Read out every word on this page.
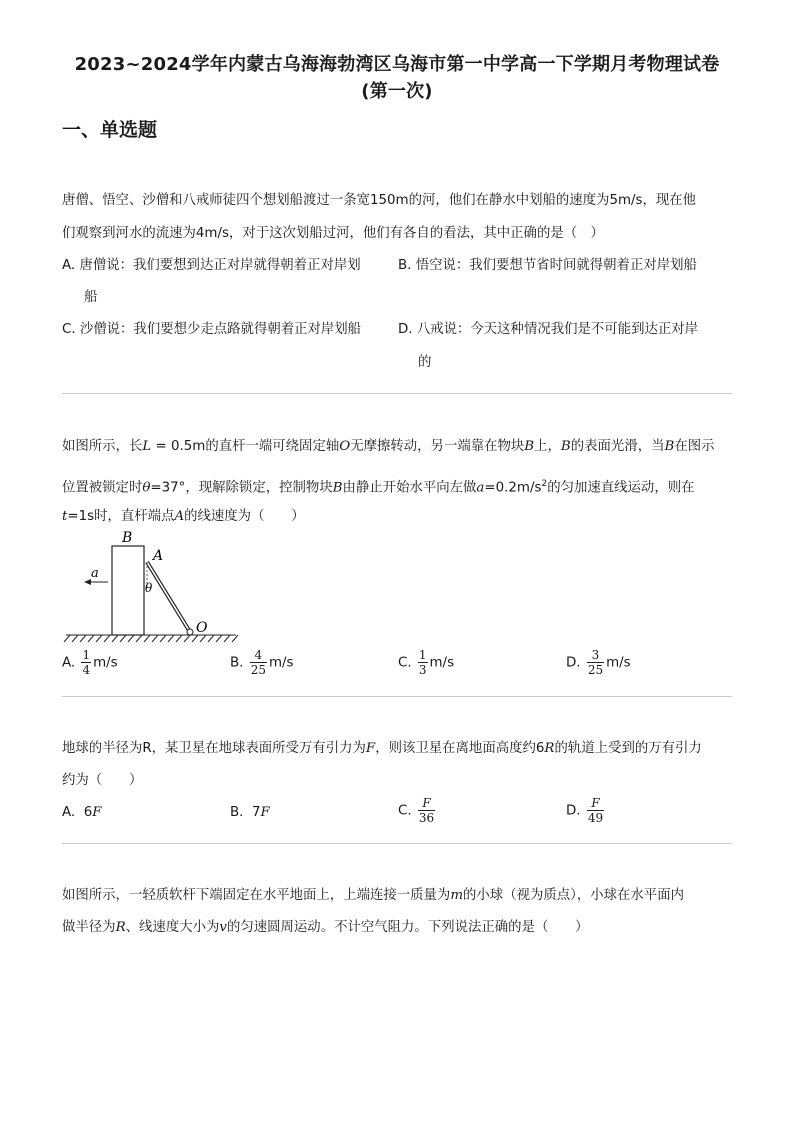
2023~2024学年内蒙古乌海海勃湾区乌海市第一中学高一下学期月考物理试卷
(第一次)
一、单选题
唐僧、悟空、沙僧和八戒师徒四个想划船渡过一条宽150m的河，他们在静水中划船的速度为5m/s，现在他
们观察到河水的流速为4m/s，对于这次划船过河，他们有各自的看法，其中正确的是（　）
A. 唐僧说：我们要想到达正对岸就得朝着正对岸划
船
B. 悟空说：我们要想节省时间就得朝着正对岸划船
C. 沙僧说：我们要想少走点路就得朝着正对岸划船	D. 八戒说：今天这种情况我们是不可能到达正对岸
的
如图所示，长L = 0.5m的直杆一端可绕固定轴O无摩擦转动，另一端靠在物块B上，B的表面光滑，当B在图示
位置被锁定时θ=37°，现解除锁定，控制物块B由静止开始水平向左做$a=0.2m/s^2$的匀加速直线运动，则在
t=1s时，直杆端点A的线速度为（　　）
B
A
θ
a
O
A. $\frac{1}{4} m/s$	B. $\frac{4}{25} m/s$	C. $\frac{1}{3} m/s$	D. $\frac{3}{25} m/s$
地球的半径为R，某卫星在地球表面所受万有引力为F，则该卫星在离地面高度约6R的轨道上受到的万有引力
约为（　　）
A. 6F	B. 7F	C. $\frac{F}{36}$	D. $\frac{F}{49}$
如图所示，一轻质软杆下端固定在水平地面上，上端连接一质量为m的小球（视为质点），小球在水平面内
做半径为R、线速度大小为v的匀速圆周运动。不计空气阻力。下列说法正确的是（　　）
